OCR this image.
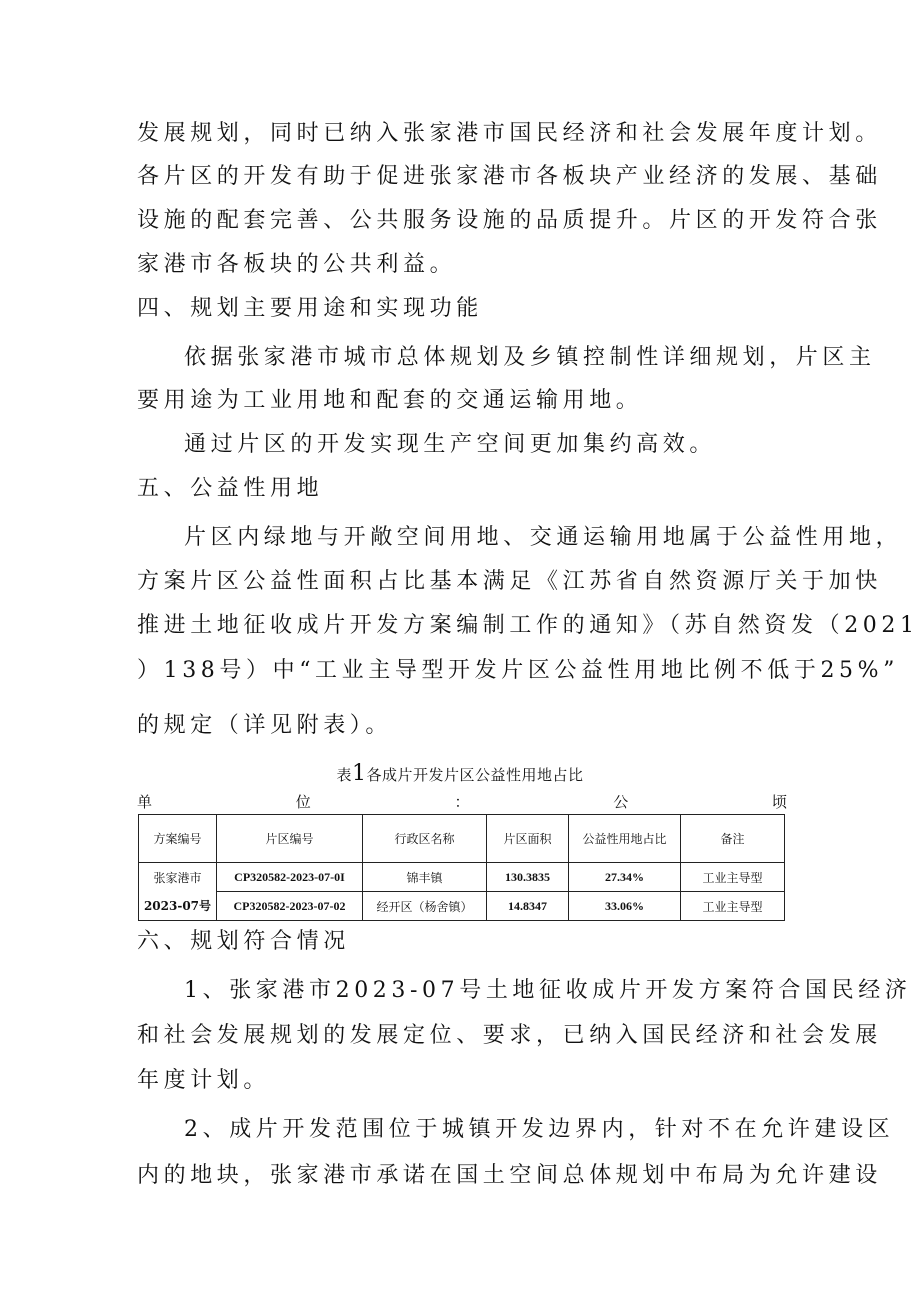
发展规划，同时已纳入张家港市国民经济和社会发展年度计划。
各片区的开发有助于促进张家港市各板块产业经济的发展、基础
设施的配套完善、公共服务设施的品质提升。片区的开发符合张
家港市各板块的公共利益。
四、规划主要用途和实现功能
依据张家港市城市总体规划及乡镇控制性详细规划，片区主
要用途为工业用地和配套的交通运输用地。
通过片区的开发实现生产空间更加集约高效。
五、公益性用地
片区内绿地与开敞空间用地、交通运输用地属于公益性用地，
方案片区公益性面积占比基本满足《江苏省自然资源厅关于加快
推进土地征收成片开发方案编制工作的通知》（苏自然资发（2021
）138号）中“工业主导型开发片区公益性用地比例不低于25%”
的规定（详见附表）。
表1各成片开发片区公益性用地占比
单	位	：	公	顷
方案编号	片区编号	行政区名称	片区面积	公益性用地占比	备注
张家港市	CP320582-2023-07-0I	锦丰镇	130.3835	27.34%	工业主导型
2023-07号	CP320582-2023-07-02	经开区（杨舍镇）	14.8347	33.06%	工业主导型
六、规划符合情况
1、张家港市2023-07号土地征收成片开发方案符合国民经济
和社会发展规划的发展定位、要求，已纳入国民经济和社会发展
年度计划。
2、成片开发范围位于城镇开发边界内，针对不在允许建设区
内的地块，张家港市承诺在国土空间总体规划中布局为允许建设
